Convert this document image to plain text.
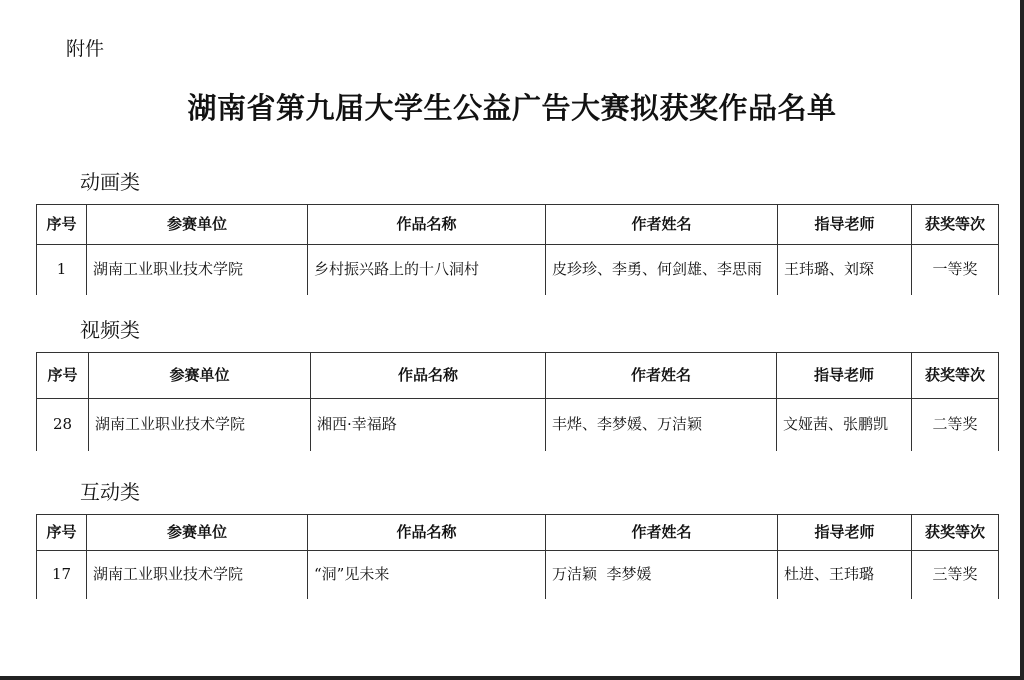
附件
湖南省第九届大学生公益广告大赛拟获奖作品名单
动画类
序号	参赛单位	作品名称	作者姓名	指导老师	获奖等次
1	湖南工业职业技术学院	乡村振兴路上的十八洞村	皮珍珍、李勇、何剑雄、李思雨	王玮璐、刘琛	一等奖
视频类
序号	参赛单位	作品名称	作者姓名	指导老师	获奖等次
28	湖南工业职业技术学院	湘西·幸福路	丰烨、李梦媛、万洁颖	文娅茜、张鹏凯	二等奖
互动类
序号	参赛单位	作品名称	作者姓名	指导老师	获奖等次
17	湖南工业职业技术学院	“洞”见未来	万洁颖  李梦媛	杜进、王玮璐	三等奖
